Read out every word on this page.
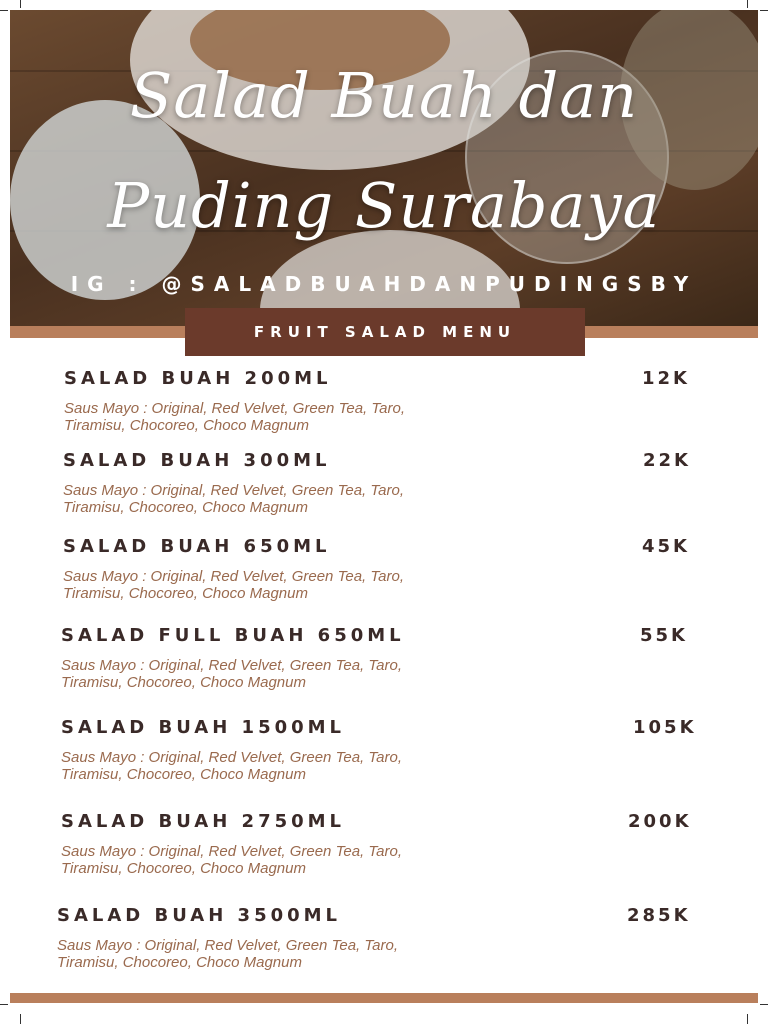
Salad Buah dan
Puding Surabaya
IG : @SALADBUAHDANPUDINGSBY
FRUIT SALAD MENU
SALAD BUAH 200ML	12K
Saus Mayo : Original, Red Velvet, Green Tea, Taro,
Tiramisu, Chocoreo, Choco Magnum
SALAD BUAH 300ML	22K
Saus Mayo : Original, Red Velvet, Green Tea, Taro,
Tiramisu, Chocoreo, Choco Magnum
SALAD BUAH 650ML	45K
Saus Mayo : Original, Red Velvet, Green Tea, Taro,
Tiramisu, Chocoreo, Choco Magnum
SALAD FULL BUAH 650ML	55K
Saus Mayo : Original, Red Velvet, Green Tea, Taro,
Tiramisu, Chocoreo, Choco Magnum
SALAD BUAH 1500ML	105K
Saus Mayo : Original, Red Velvet, Green Tea, Taro,
Tiramisu, Chocoreo, Choco Magnum
SALAD BUAH 2750ML	200K
Saus Mayo : Original, Red Velvet, Green Tea, Taro,
Tiramisu, Chocoreo, Choco Magnum
SALAD BUAH 3500ML	285K
Saus Mayo : Original, Red Velvet, Green Tea, Taro,
Tiramisu, Chocoreo, Choco Magnum
